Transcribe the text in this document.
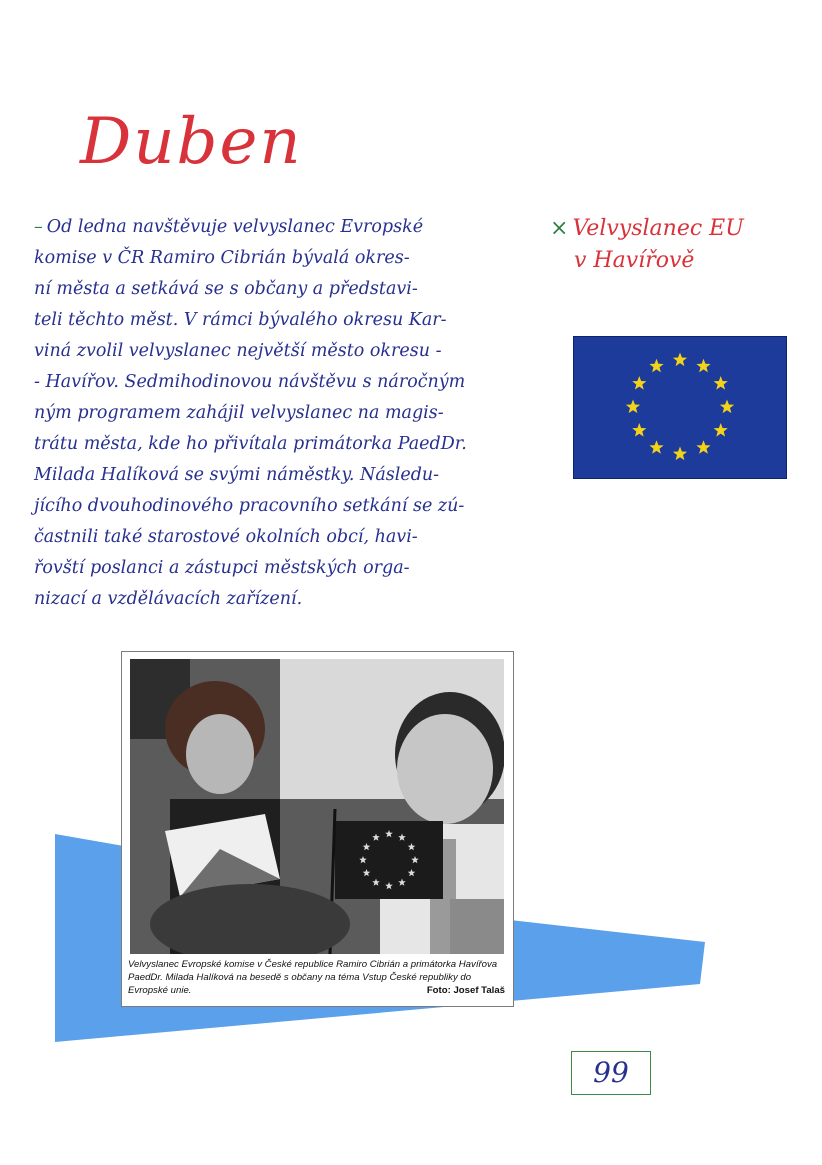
Duben
– Od ledna navštěvuje velvyslanec Evropské
komise v ČR Ramiro Cibrián bývalá okres-
ní města a setkává se s občany a představi-
teli těchto měst. V rámci bývalého okresu Kar-
viná zvolil velvyslanec největší město okresu -
- Havířov. Sedmihodinovou návštěvu s náročným
ným programem zahájil velvyslanec na magis-
trátu města, kde ho přivítala primátorka PaedDr.
Milada Halíková se svými náměstky. Následu-
jícího dvouhodinového pracovního setkání se zú-
častnili také starostové okolních obcí, havi-
řovští poslanci a zástupci městských orga-
nizací a vzdělávacích zařízení.
× Velvyslanec EU
v Havířově
Velvyslanec Evropské komise v České republice Ramiro Cibrián a primátorka Havířova PaedDr. Milada Halíková na besedě s občany na téma Vstup České republiky do Evropské unie.	Foto: Josef Talaš
99
